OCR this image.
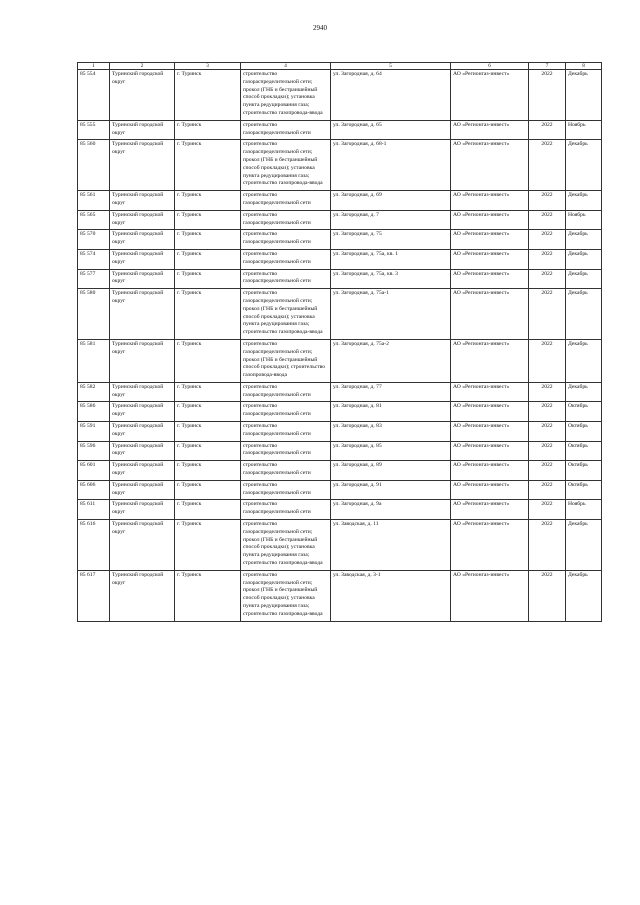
2940
1	2	3	4	5	6	7	8
85 554	Туринский городской округ	г. Туринск	строительство газораспределительной сети; прокол (ГНБ и бестраншейный способ прокладки); установка пункта редуцирования газа; строительство газопровода-ввода	ул. Загородная, д. 64	АО «Регионгаз-инвест»	2022	Декабрь
85 555	Туринский городской округ	г. Туринск	строительство газораспределительной сети	ул. Загородная, д. 65	АО «Регионгаз-инвест»	2022	Ноябрь
85 560	Туринский городской округ	г. Туринск	строительство газораспределительной сети; прокол (ГНБ и бестраншейный способ прокладки); установка пункта редуцирования газа; строительство газопровода-ввода	ул. Загородная, д. 68-1	АО «Регионгаз-инвест»	2022	Декабрь
85 561	Туринский городской округ	г. Туринск	строительство газораспределительной сети	ул. Загородная, д. 69	АО «Регионгаз-инвест»	2022	Декабрь
85 565	Туринский городской округ	г. Туринск	строительство газораспределительной сети	ул. Загородная, д. 7	АО «Регионгаз-инвест»	2022	Ноябрь
85 570	Туринский городской округ	г. Туринск	строительство газораспределительной сети	ул. Загородная, д. 75	АО «Регионгаз-инвест»	2022	Декабрь
85 574	Туринский городской округ	г. Туринск	строительство газораспределительной сети	ул. Загородная, д. 75а, кв. 1	АО «Регионгаз-инвест»	2022	Декабрь
85 577	Туринский городской округ	г. Туринск	строительство газораспределительной сети	ул. Загородная, д. 75а, кв. 3	АО «Регионгаз-инвест»	2022	Декабрь
85 580	Туринский городской округ	г. Туринск	строительство газораспределительной сети; прокол (ГНБ и бестраншейный способ прокладки); установка пункта редуцирования газа; строительство газопровода-ввода	ул. Загородная, д. 75а-1	АО «Регионгаз-инвест»	2022	Декабрь
85 581	Туринский городской округ	г. Туринск	строительство газораспределительной сети; прокол (ГНБ и бестраншейный способ прокладки); строительство газопровода-ввода	ул. Загородная, д. 75а-2	АО «Регионгаз-инвест»	2022	Декабрь
85 582	Туринский городской округ	г. Туринск	строительство газораспределительной сети	ул. Загородная, д. 77	АО «Регионгаз-инвест»	2022	Декабрь
85 586	Туринский городской округ	г. Туринск	строительство газораспределительной сети	ул. Загородная, д. 81	АО «Регионгаз-инвест»	2022	Октябрь
85 591	Туринский городской округ	г. Туринск	строительство газораспределительной сети	ул. Загородная, д. 83	АО «Регионгаз-инвест»	2022	Октябрь
85 596	Туринский городской округ	г. Туринск	строительство газораспределительной сети	ул. Загородная, д. 85	АО «Регионгаз-инвест»	2022	Октябрь
85 601	Туринский городской округ	г. Туринск	строительство газораспределительной сети	ул. Загородная, д. 89	АО «Регионгаз-инвест»	2022	Октябрь
85 606	Туринский городской округ	г. Туринск	строительство газораспределительной сети	ул. Загородная, д. 91	АО «Регионгаз-инвест»	2022	Октябрь
85 611	Туринский городской округ	г. Туринск	строительство газораспределительной сети	ул. Загородная, д. 9а	АО «Регионгаз-инвест»	2022	Ноябрь
85 616	Туринский городской округ	г. Туринск	строительство газораспределительной сети; прокол (ГНБ и бестраншейный способ прокладки); установка пункта редуцирования газа; строительство газопровода-ввода	ул. Заводская, д. 11	АО «Регионгаз-инвест»	2022	Декабрь
85 617	Туринский городской округ	г. Туринск	строительство газораспределительной сети; прокол (ГНБ и бестраншейный способ прокладки); установка пункта редуцирования газа; строительство газопровода-ввода	ул. Заводская, д. 3-1	АО «Регионгаз-инвест»	2022	Декабрь
